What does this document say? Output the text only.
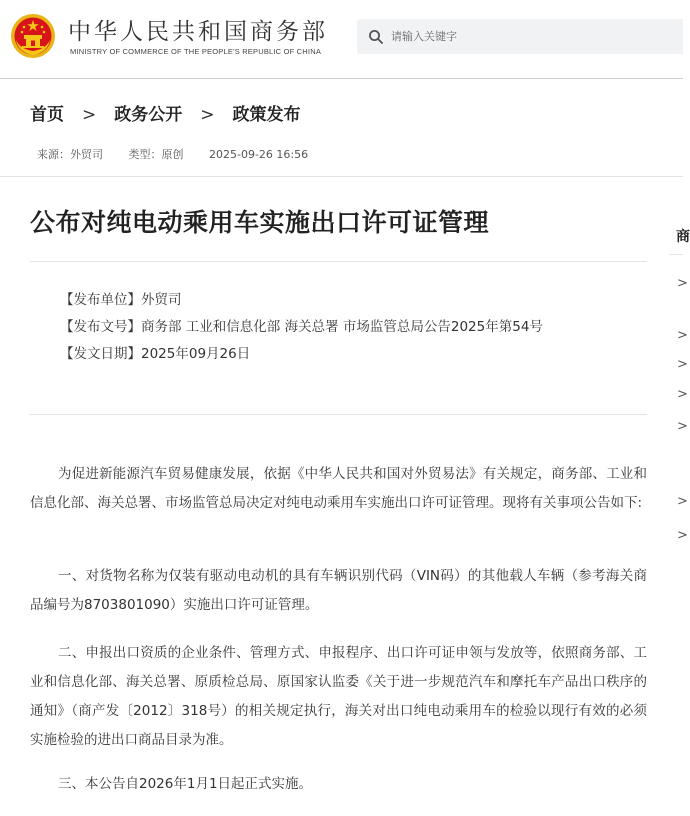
中华人民共和国商务部
MINISTRY OF COMMERCE OF THE PEOPLE'S REPUBLIC OF CHINA
请输入关键字
首页 > 政务公开 > 政策发布
来源：外贸司 类型：原创 2025-09-26 16:56
商
>
>
>
>
>
>
>
公布对纯电动乘用车实施出口许可证管理
【发布单位】外贸司
【发布文号】商务部 工业和信息化部 海关总署 市场监管总局公告2025年第54号
【发文日期】2025年09月26日
为促进新能源汽车贸易健康发展，依据《中华人民共和国对外贸易法》有关规定，商务部、工业和信息化部、海关总署、市场监管总局决定对纯电动乘用车实施出口许可证管理。现将有关事项公告如下:
一、对货物名称为仅装有驱动电动机的具有车辆识别代码（VIN码）的其他载人车辆（参考海关商品编号为8703801090）实施出口许可证管理。
二、申报出口资质的企业条件、管理方式、申报程序、出口许可证申领与发放等，依照商务部、工业和信息化部、海关总署、原质检总局、原国家认监委《关于进一步规范汽车和摩托车产品出口秩序的通知》（商产发〔2012〕318号）的相关规定执行，海关对出口纯电动乘用车的检验以现行有效的必须实施检验的进出口商品目录为准。
三、本公告自2026年1月1日起正式实施。
